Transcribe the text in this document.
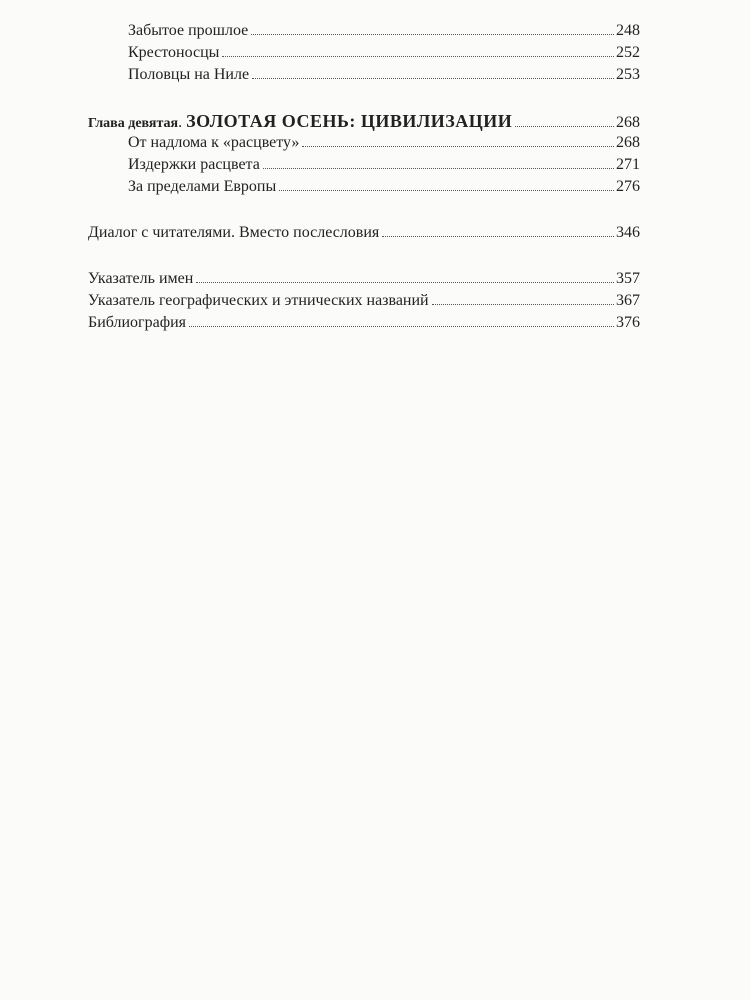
Забытое прошлое	248
Крестоносцы	252
Половцы на Ниле	253
Глава девятая. ЗОЛОТАЯ ОСЕНЬ: ЦИВИЛИЗАЦИИ	268
От надлома к «расцвету»	268
Издержки расцвета	271
За пределами Европы	276
Диалог с читателями. Вместо послесловия	346
Указатель имен	357
Указатель географических и этнических названий	367
Библиография	376
